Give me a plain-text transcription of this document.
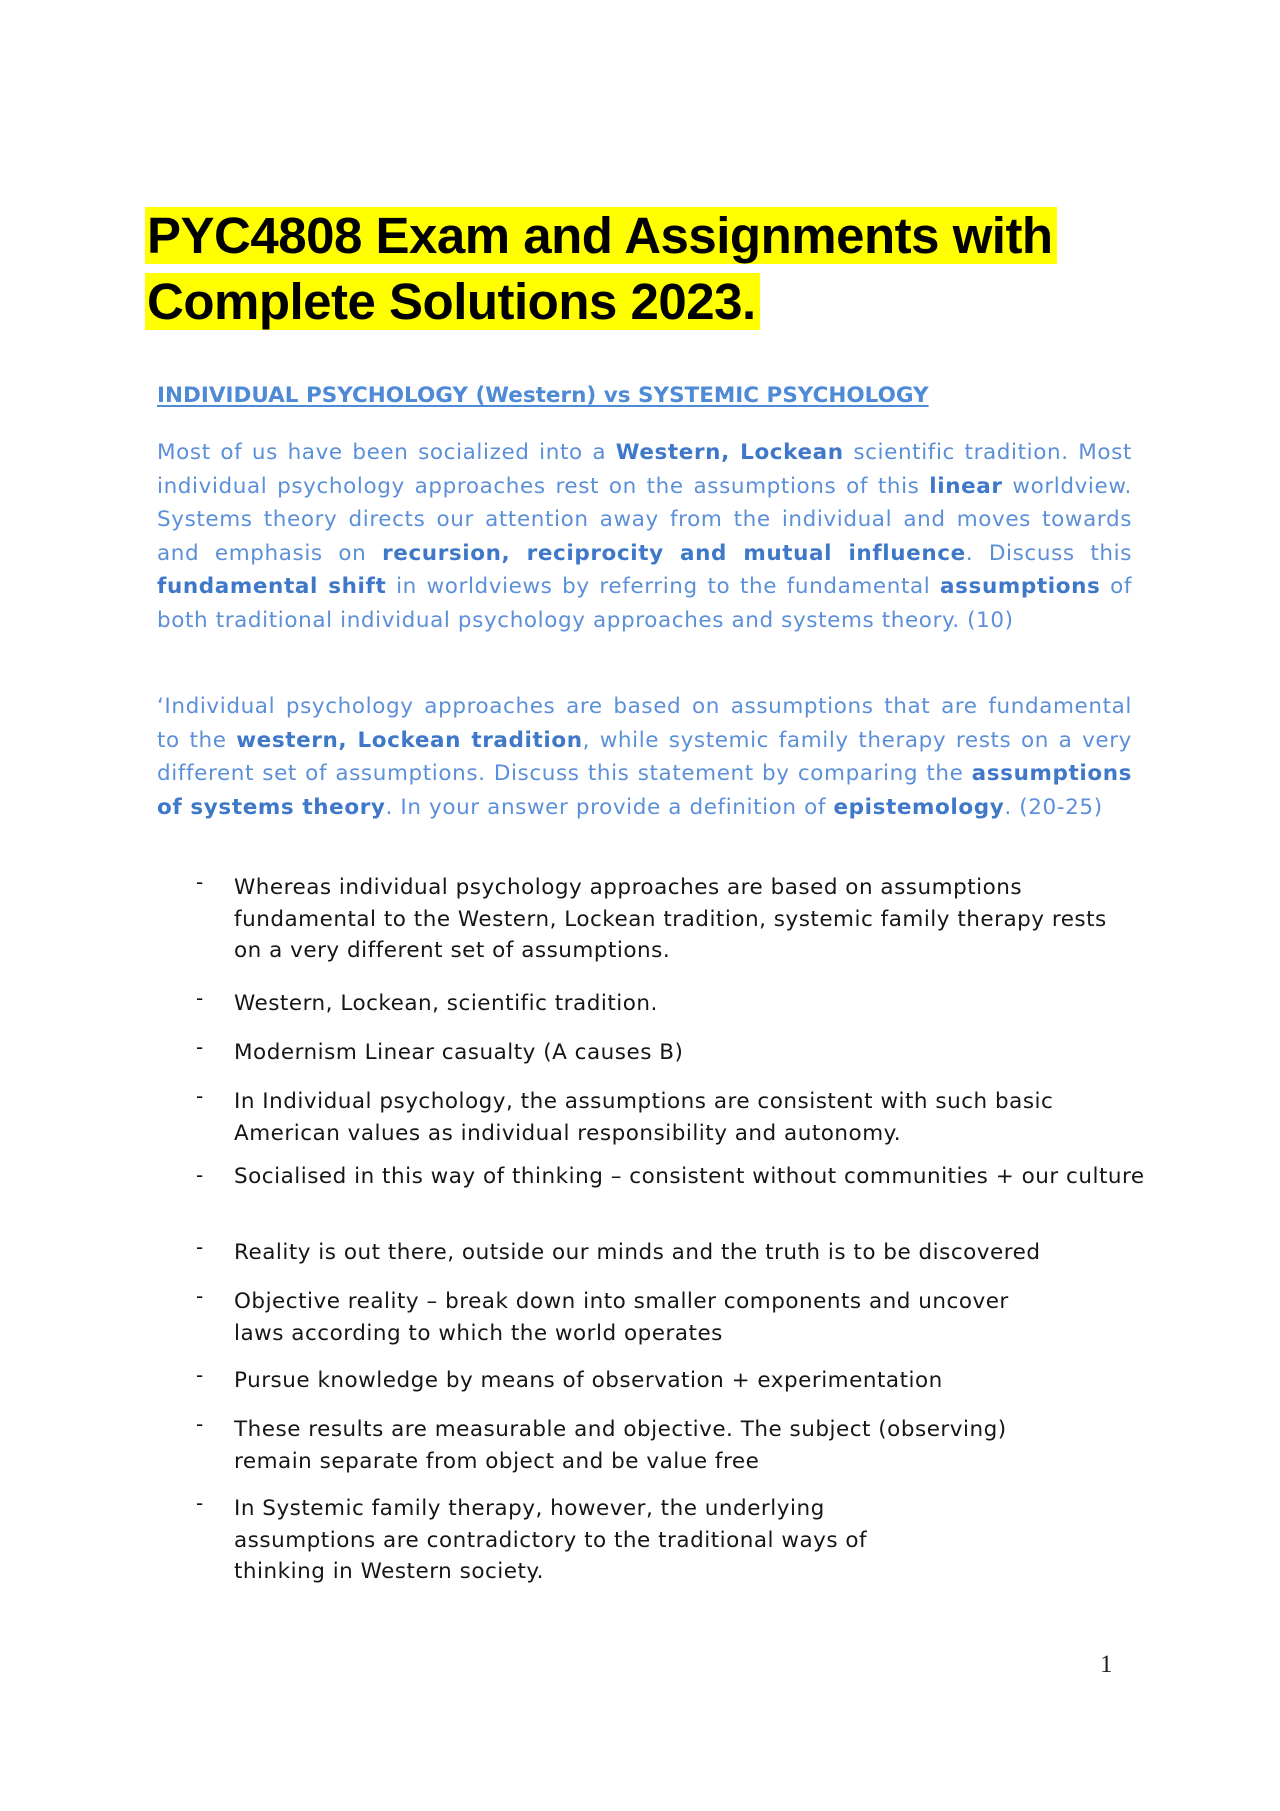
PYC4808 Exam and Assignments with Complete Solutions 2023.
INDIVIDUAL PSYCHOLOGY (Western) vs SYSTEMIC PSYCHOLOGY

Most of us have been socialized into a Western, Lockean scientific tradition. Most individual psychology approaches rest on the assumptions of this linear worldview. Systems theory directs our attention away from the individual and moves towards and emphasis on recursion, reciprocity and mutual influence. Discuss this fundamental shift in worldviews by referring to the fundamental assumptions of both traditional individual psychology approaches and systems theory. (10)

‘Individual psychology approaches are based on assumptions that are fundamental to the western, Lockean tradition, while systemic family therapy rests on a very different set of assumptions. Discuss this statement by comparing the assumptions of systems theory. In your answer provide a definition of epistemology. (20-25)

- Whereas individual psychology approaches are based on assumptions fundamental to the Western, Lockean tradition, systemic family therapy rests on a very different set of assumptions.
- Western, Lockean, scientific tradition.
- Modernism Linear casualty (A causes B)
- In Individual psychology, the assumptions are consistent with such basic American values as individual responsibility and autonomy.
- Socialised in this way of thinking – consistent without communities + our culture
- Reality is out there, outside our minds and the truth is to be discovered
- Objective reality – break down into smaller components and uncover laws according to which the world operates
- Pursue knowledge by means of observation + experimentation
- These results are measurable and objective. The subject (observing) remain separate from object and be value free
- In Systemic family therapy, however, the underlying assumptions are contradictory to the traditional ways of thinking in Western society.
1
